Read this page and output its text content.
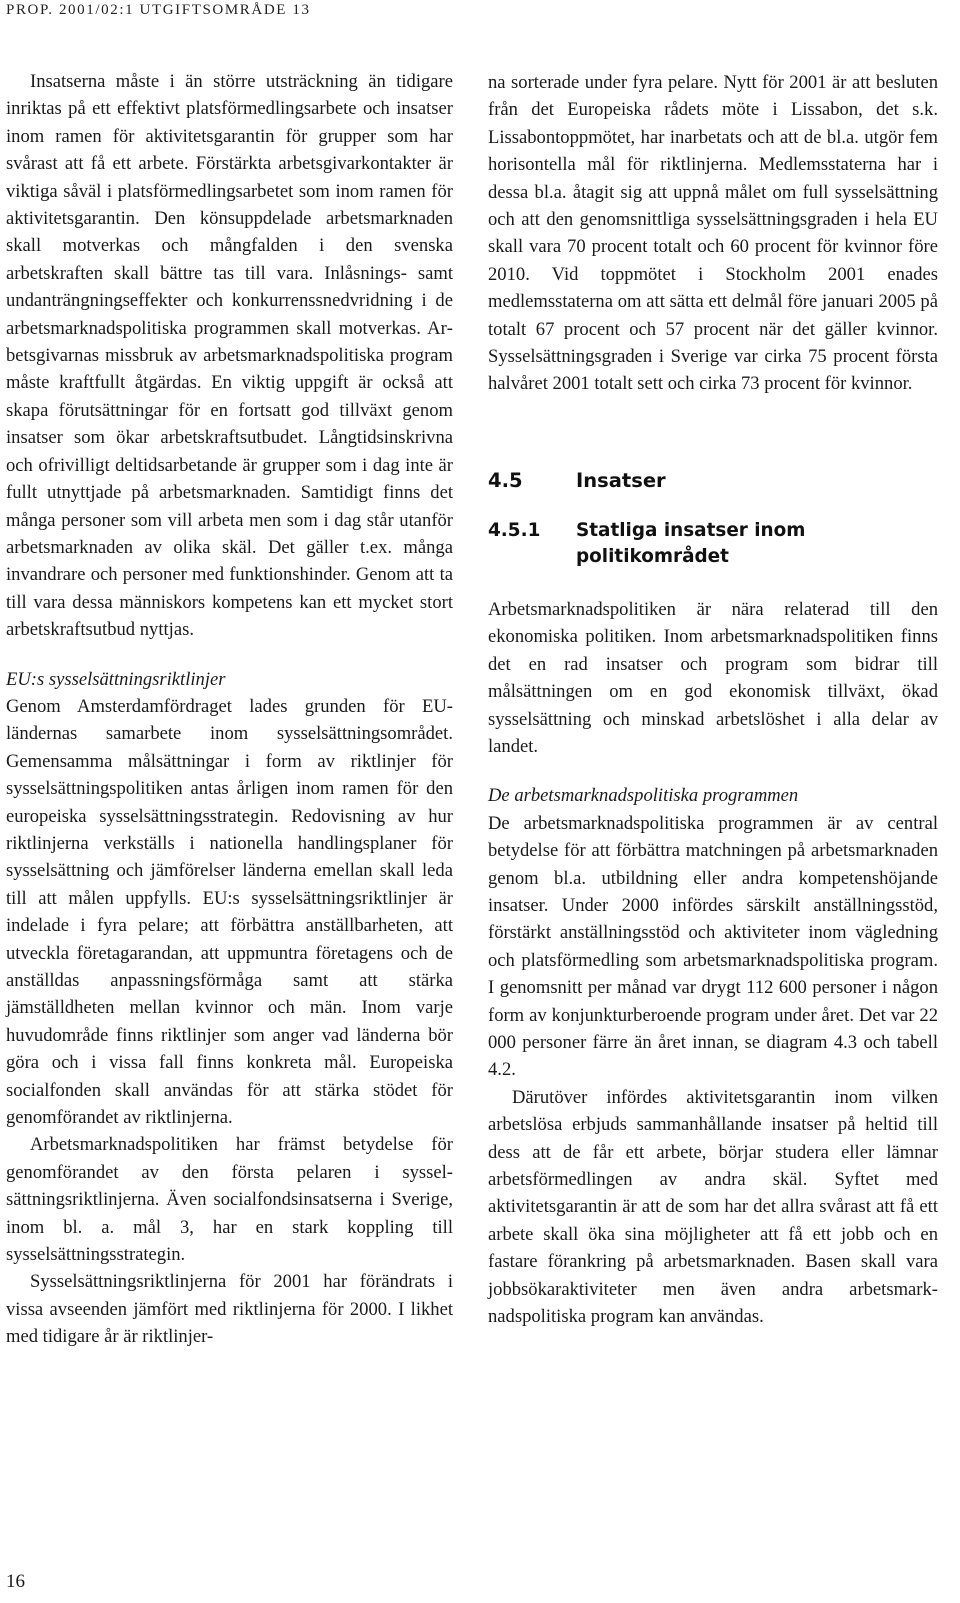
PROP. 2001/02:1 UTGIFTSOMRÅDE 13

Insatserna måste i än större utsträckning än tidigare inriktas på ett effektivt platsförmedlingsarbete och insatser inom ramen för aktivitetsgarantin för grupper som har svårast att få ett arbete. Förstärkta arbetsgivarkontakter är viktiga såväl i platsförmedlingsarbetet som inom ramen för aktivitetsgarantin. Den könsuppdelade arbetsmarknaden skall motverkas och mångfalden i den svenska arbetskraften skall bättre tas till vara. Inlåsnings- samt undanträngningseffekter och konkurrenssnedvridning i de arbetsmarknadspolitiska programmen skall motverkas. Arbetsgivarnas missbruk av arbetsmarknadspolitiska program måste kraftfullt åtgärdas. En viktig uppgift är också att skapa förutsättningar för en fortsatt god tillväxt genom insatser som ökar arbetskraftsutbudet. Långtidsinskrivna och ofrivilligt deltidsarbetande är grupper som i dag inte är fullt utnyttjade på arbetsmarknaden. Samtidigt finns det många personer som vill arbeta men som i dag står utanför arbetsmarknaden av olika skäl. Det gäller t.ex. många invandrare och personer med funktionshinder. Genom att ta till vara dessa människors kompetens kan ett mycket stort arbetskraftsutbud nyttjas.

EU:s sysselsättningsriktlinjer

Genom Amsterdamfördraget lades grunden för EU-ländernas samarbete inom sysselsättningsområdet. Gemensamma målsättningar i form av riktlinjer för sysselsättningspolitiken antas årligen inom ramen för den europeiska sysselsättningsstrategin. Redovisning av hur riktlinjerna verkställs i nationella handlingsplaner för sysselsättning och jämförelser länderna emellan skall leda till att målen uppfylls. EU:s sysselsättningsriktlinjer är indelade i fyra pelare; att förbättra anställbarheten, att utveckla företagarandan, att uppmuntra företagens och de anställdas anpassningsförmåga samt att stärka jämställdheten mellan kvinnor och män. Inom varje huvudområde finns riktlinjer som anger vad länderna bör göra och i vissa fall finns konkreta mål. Europeiska socialfonden skall användas för att stärka stödet för genomförandet av riktlinjerna.

Arbetsmarknadspolitiken har främst betydelse för genomförandet av den första pelaren i sysselsättningsriktlinjerna. Även socialfondsinsatserna i Sverige, inom bl. a. mål 3, har en stark koppling till sysselsättningsstrategin.

Sysselsättningsriktlinjerna för 2001 har förändrats i vissa avseenden jämfört med riktlinjerna för 2000. I likhet med tidigare år är riktlinjer-

na sorterade under fyra pelare. Nytt för 2001 är att besluten från det Europeiska rådets möte i Lissabon, det s.k. Lissabontoppmötet, har inarbetats och att de bl.a. utgör fem horisontella mål för riktlinjerna. Medlemsstaterna har i dessa bl.a. åtagit sig att uppnå målet om full sysselsättning och att den genomsnittliga sysselsättningsgraden i hela EU skall vara 70 procent totalt och 60 procent för kvinnor före 2010. Vid toppmötet i Stockholm 2001 enades medlemsstaterna om att sätta ett delmål före januari 2005 på totalt 67 procent och 57 procent när det gäller kvinnor. Sysselsättningsgraden i Sverige var cirka 75 procent första halvåret 2001 totalt sett och cirka 73 procent för kvinnor.

4.5	Insatser
4.5.1	Statliga insatser inom politikområdet

Arbetsmarknadspolitiken är nära relaterad till den ekonomiska politiken. Inom arbetsmarknadspolitiken finns det en rad insatser och program som bidrar till målsättningen om en god ekonomisk tillväxt, ökad sysselsättning och minskad arbetslöshet i alla delar av landet.

De arbetsmarknadspolitiska programmen

De arbetsmarknadspolitiska programmen är av central betydelse för att förbättra matchningen på arbetsmarknaden genom bl.a. utbildning eller andra kompetenshöjande insatser. Under 2000 infördes särskilt anställningsstöd, förstärkt anställningsstöd och aktiviteter inom vägledning och platsförmedling som arbetsmarknadspolitiska program. I genomsnitt per månad var drygt 112 600 personer i någon form av konjunkturberoende program under året. Det var 22 000 personer färre än året innan, se diagram 4.3 och tabell 4.2.

Därutöver infördes aktivitetsgarantin inom vilken arbetslösa erbjuds sammanhållande insatser på heltid till dess att de får ett arbete, börjar studera eller lämnar arbetsförmedlingen av andra skäl. Syftet med aktivitetsgarantin är att de som har det allra svårast att få ett arbete skall öka sina möjligheter att få ett jobb och en fastare förankring på arbetsmarknaden. Basen skall vara jobbsökaraktiviteter men även andra arbetsmarknadspolitiska program kan användas.

16
